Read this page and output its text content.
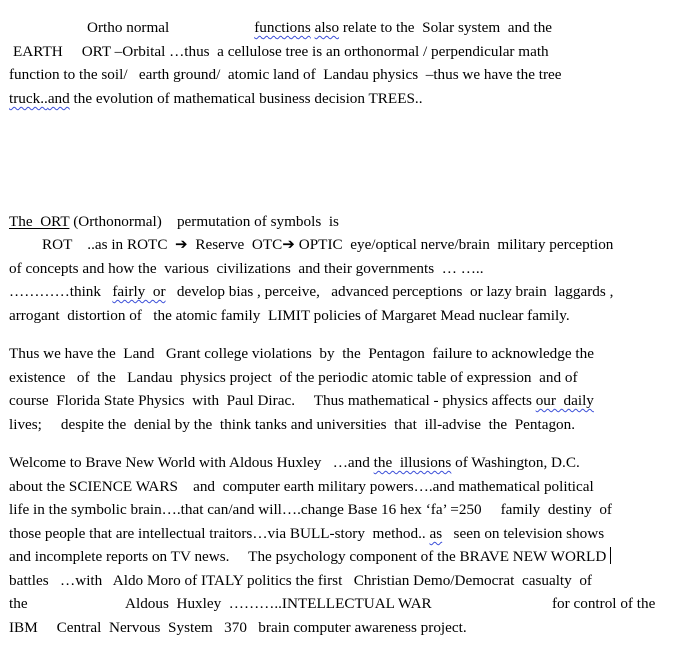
Ortho normal	functions also relate to the  Solar system  and the
EARTH     ORT –Orbital …thus  a cellulose tree is an orthonormal / perpendicular math
function to the soil/   earth ground/  atomic land of  Landau physics  –thus we have the tree
truck..and the evolution of mathematical business decision TREES..
The  ORT (Orthonormal)    permutation of symbols  is
ROT    ..as in ROTC  ➔  Reserve  OTC➔ OPTIC  eye/optical nerve/brain  military perception
of concepts and how the  various  civilizations  and their governments  … …..
…………think   fairly  or   develop bias , perceive,   advanced perceptions  or lazy brain  laggards ,
arrogant  distortion of   the atomic family  LIMIT policies of Margaret Mead nuclear family.
Thus we have the  Land   Grant college violations  by  the  Pentagon  failure to acknowledge the
existence   of  the   Landau  physics project  of the periodic atomic table of expression  and of
course  Florida State Physics  with  Paul Dirac.     Thus mathematical - physics affects our  daily
lives;     despite the  denial by the  think tanks and universities  that  ill-advise  the  Pentagon.
Welcome to Brave New World with Aldous Huxley   …and the  illusions of Washington, D.C.
about the SCIENCE WARS    and  computer earth military powers….and mathematical political
life in the symbolic brain….that can/and will….change Base 16 hex ‘fa’ =250     family  destiny  of
those people that are intellectual traitors…via BULL-story  method.. as   seen on television shows
and incomplete reports on TV news.     The psychology component of the BRAVE NEW WORLD
battles   …with   Aldo Moro of ITALY politics the first   Christian Demo/Democrat  casualty  of
the	Aldous  Huxley  ………..INTELLECTUAL WAR	for control of the
IBM     Central  Nervous  System   370   brain computer awareness project.
